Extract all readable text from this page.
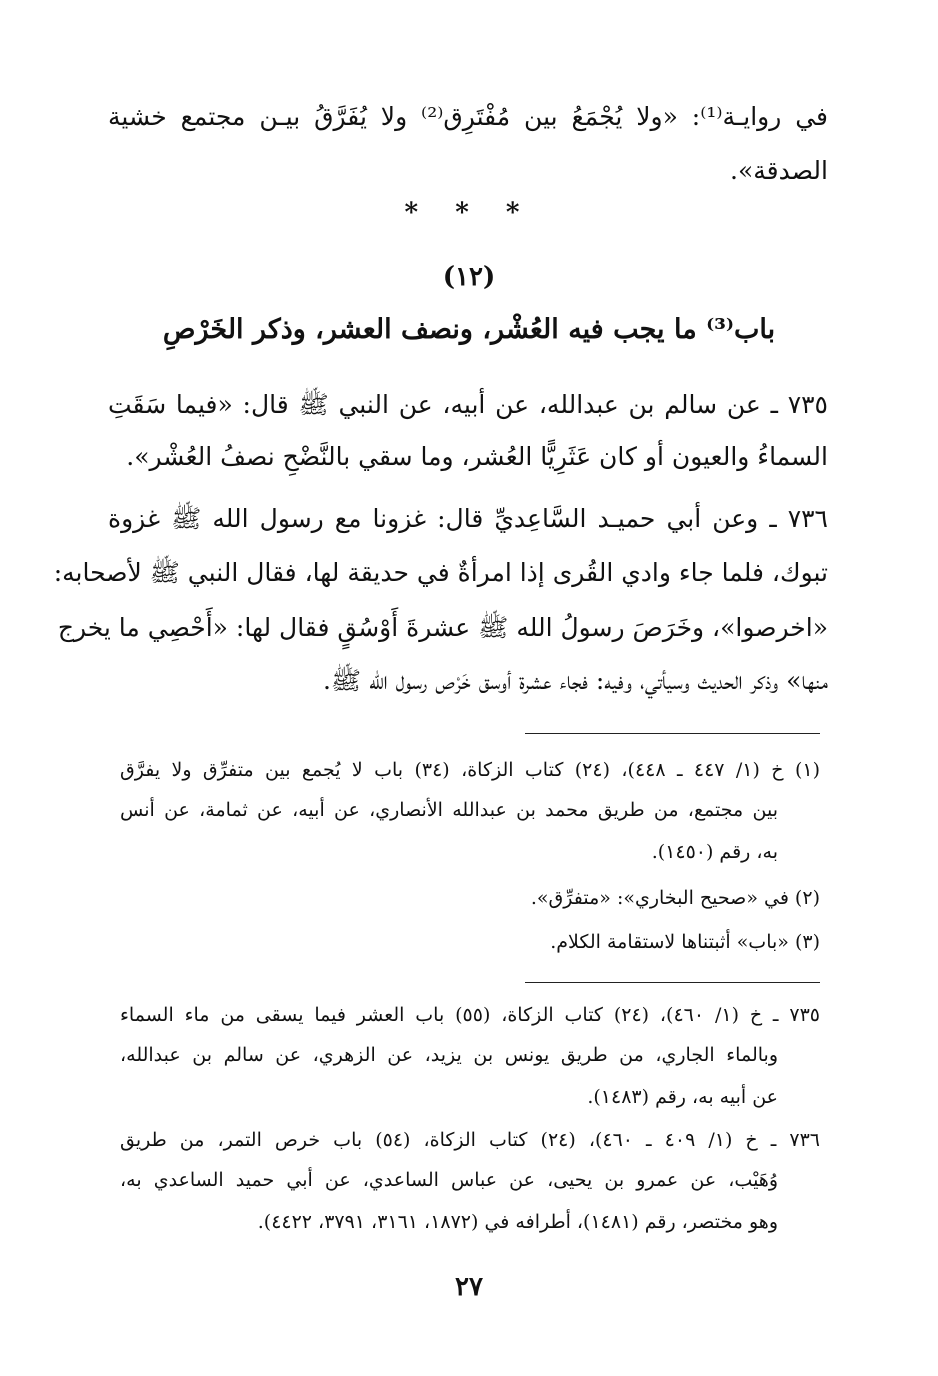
في روايـة⁽¹⁾: «ولا يُجْمَعُ بين مُفْتَرِق⁽²⁾ ولا يُفَرَّقُ بيـن مجتمع خشية
الصدقة».
* * *
(١٢)
باب⁽³⁾ ما يجب فيه العُشْر، ونصف العشر، وذكر الخَرْصِ
٧٣٥ ـ عن سالم بن عبدالله، عن أبيه، عن النبي ﷺ قال: «فيما سَقَتِ
السماءُ والعيون أو كان عَثَرِيًّا العُشر، وما سقي بالنَّضْحِ نصفُ العُشْر».
٧٣٦ ـ وعن أبي حميـد السَّاعِديِّ قال: غزونا مع رسول الله ﷺ غزوة
تبوك، فلما جاء وادي القُرى إذا امرأةٌ في حديقة لها، فقال النبي ﷺ لأصحابه:
«اخرصوا»، وخَرَصَ رسولُ الله ﷺ عشرةَ أَوْسُقٍ فقال لها: «أَحْصِي ما يخرج
منها» وذكر الحديث وسيأتي، وفيه: فجاء عشرة أوسق خَرْص رسول الله ﷺ.
(١) خ (١/ ٤٤٧ ـ ٤٤٨)، (٢٤) كتاب الزكاة، (٣٤) باب لا يُجمع بين متفرِّق ولا يفرَّق
بين مجتمع، من طريق محمد بن عبدالله الأنصاري، عن أبيه، عن ثمامة، عن أنس
به، رقم (١٤٥٠).
(٢) في «صحيح البخاري»: «متفرِّق».
(٣) «باب» أثبتناها لاستقامة الكلام.
٧٣٥ ـ خ (١/ ٤٦٠)، (٢٤) كتاب الزكاة، (٥٥) باب العشر فيما يسقى من ماء السماء
وبالماء الجاري، من طريق يونس بن يزيد، عن الزهري، عن سالم بن عبدالله،
عن أبيه به، رقم (١٤٨٣).
٧٣٦ ـ خ (١/ ٤٠٩ ـ ٤٦٠)، (٢٤) كتاب الزكاة، (٥٤) باب خرص التمر، من طريق
وُهَيْب، عن عمرو بن يحيى، عن عباس الساعدي، عن أبي حميد الساعدي به،
وهو مختصر، رقم (١٤٨١)، أطرافه في (١٨٧٢، ٣١٦١، ٣٧٩١، ٤٤٢٢).
٢٧
